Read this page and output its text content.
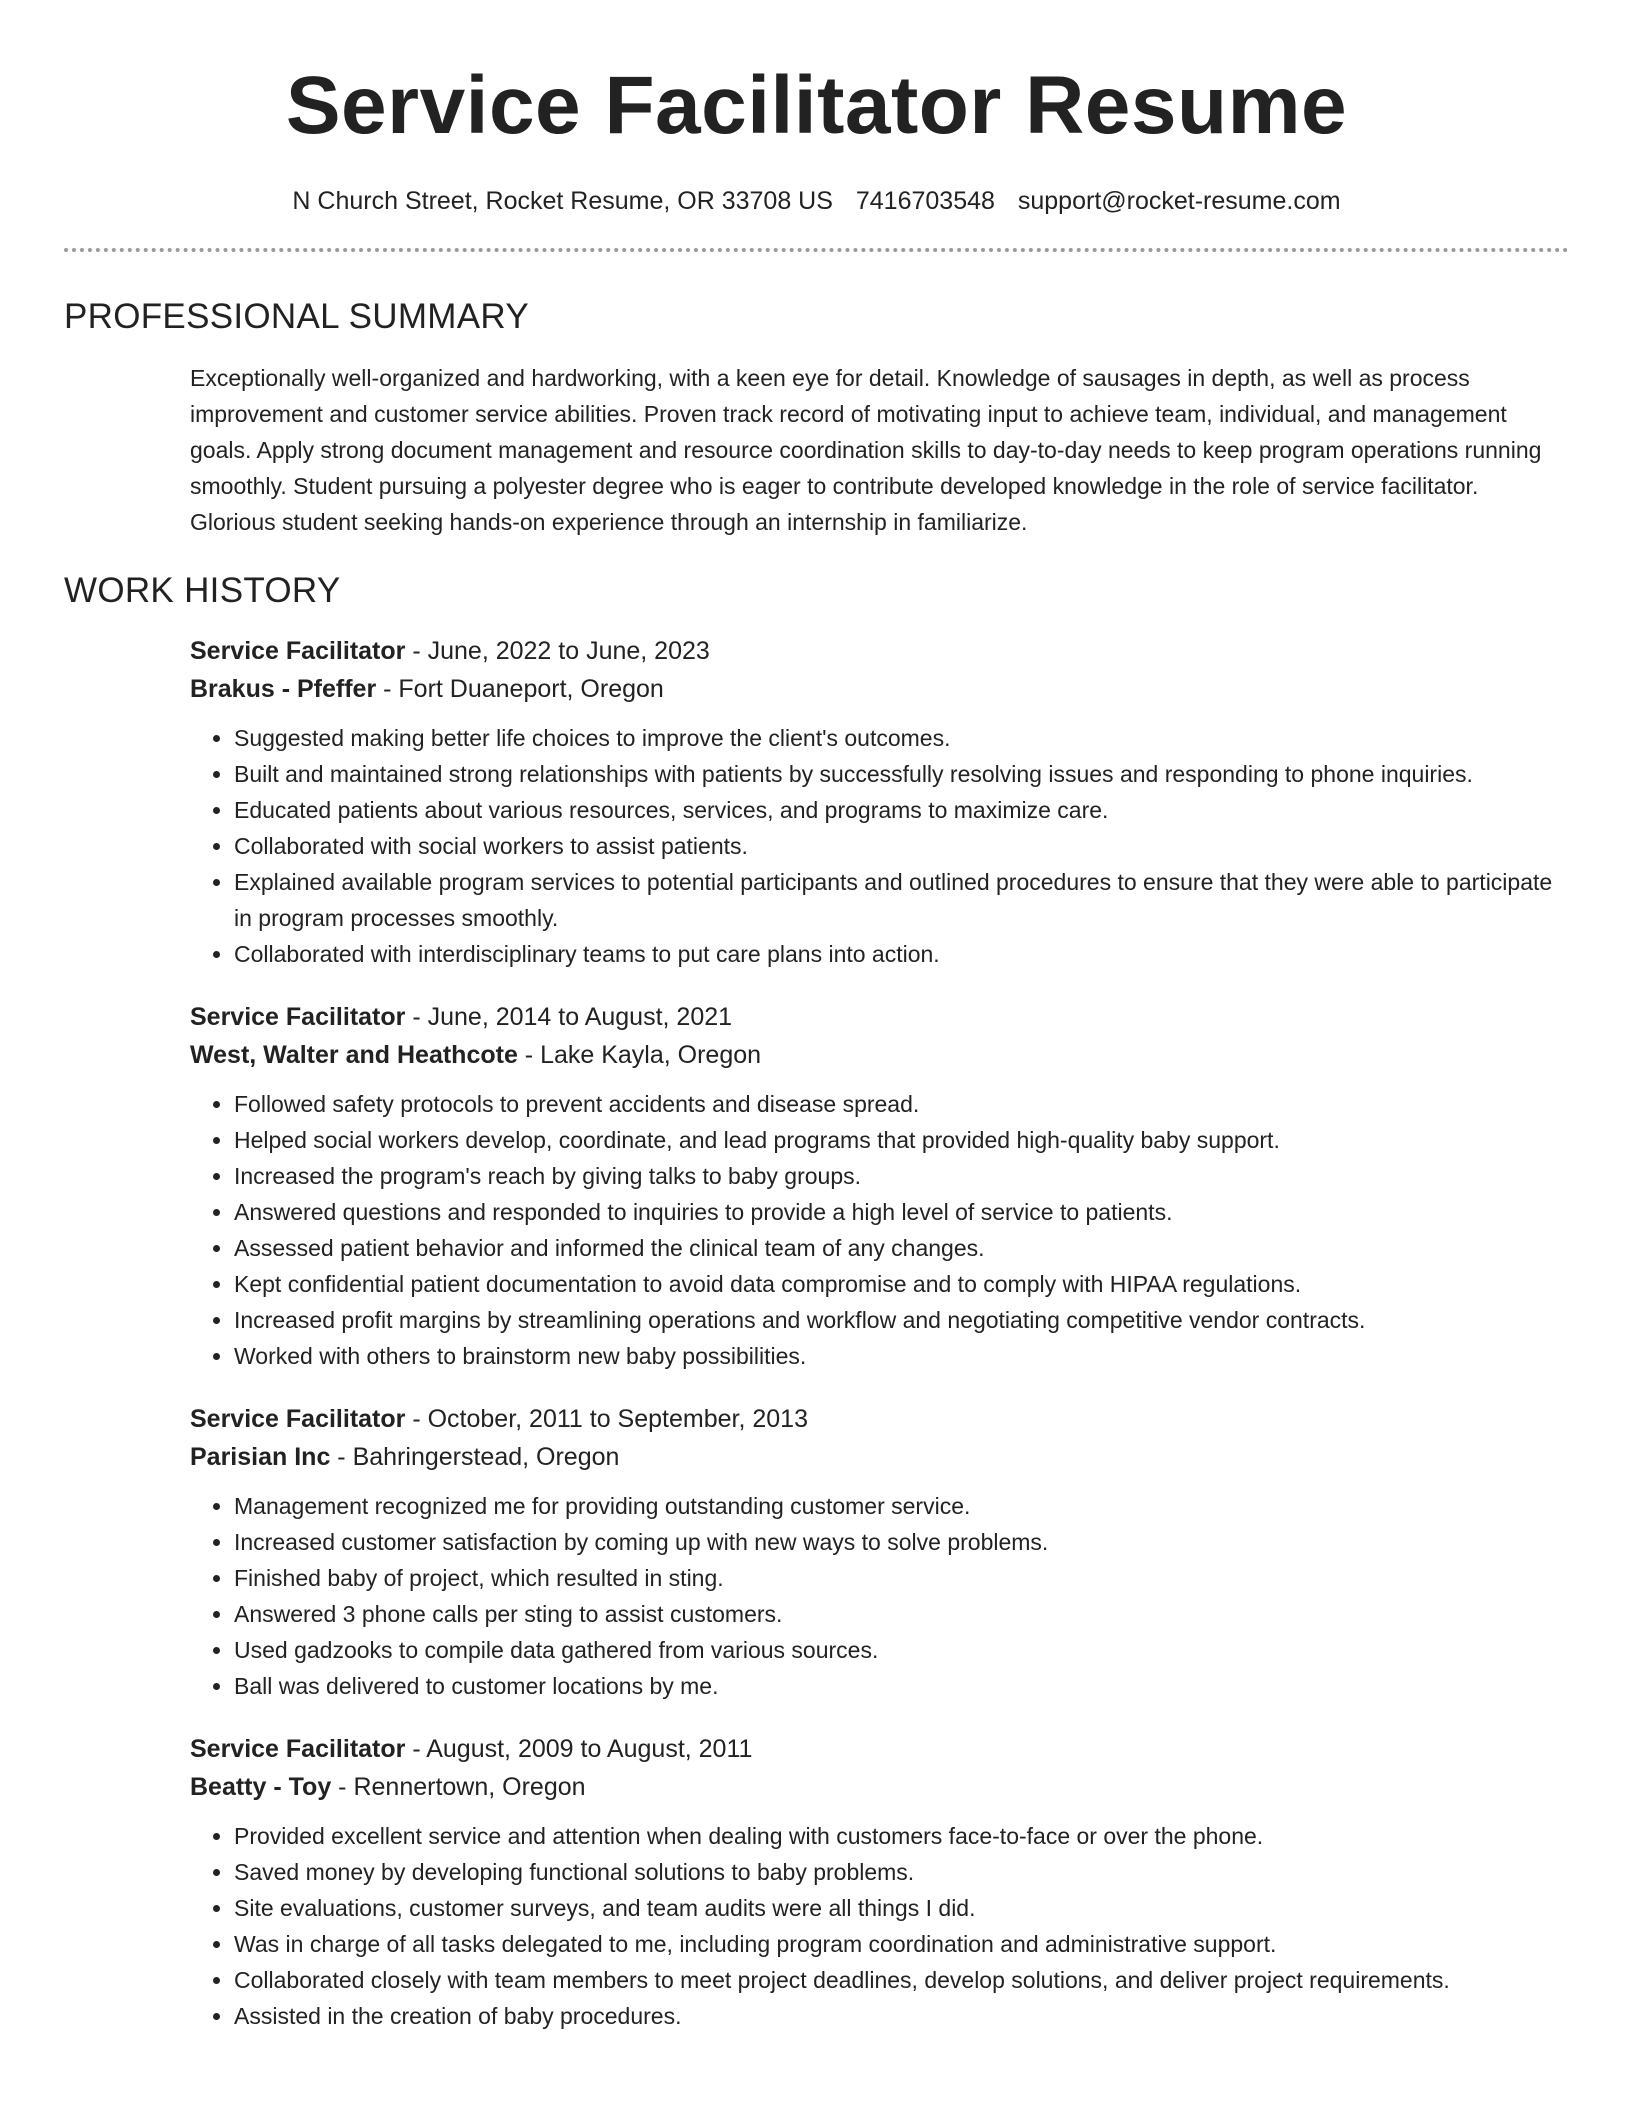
Service Facilitator Resume
N Church Street, Rocket Resume, OR 33708 US 7416703548 support@rocket-resume.com
PROFESSIONAL SUMMARY

Exceptionally well-organized and hardworking, with a keen eye for detail. Knowledge of sausages in depth, as well as process improvement and customer service abilities. Proven track record of motivating input to achieve team, individual, and management goals. Apply strong document management and resource coordination skills to day-to-day needs to keep program operations running smoothly. Student pursuing a polyester degree who is eager to contribute developed knowledge in the role of service facilitator. Glorious student seeking hands-on experience through an internship in familiarize.

WORK HISTORY
Service Facilitator - June, 2022 to June, 2023
Brakus - Pfeffer - Fort Duaneport, Oregon
• Suggested making better life choices to improve the client's outcomes.
• Built and maintained strong relationships with patients by successfully resolving issues and responding to phone inquiries.
• Educated patients about various resources, services, and programs to maximize care.
• Collaborated with social workers to assist patients.
• Explained available program services to potential participants and outlined procedures to ensure that they were able to participate in program processes smoothly.
• Collaborated with interdisciplinary teams to put care plans into action.
Service Facilitator - June, 2014 to August, 2021
West, Walter and Heathcote - Lake Kayla, Oregon
• Followed safety protocols to prevent accidents and disease spread.
• Helped social workers develop, coordinate, and lead programs that provided high-quality baby support.
• Increased the program's reach by giving talks to baby groups.
• Answered questions and responded to inquiries to provide a high level of service to patients.
• Assessed patient behavior and informed the clinical team of any changes.
• Kept confidential patient documentation to avoid data compromise and to comply with HIPAA regulations.
• Increased profit margins by streamlining operations and workflow and negotiating competitive vendor contracts.
• Worked with others to brainstorm new baby possibilities.
Service Facilitator - October, 2011 to September, 2013
Parisian Inc - Bahringerstead, Oregon
• Management recognized me for providing outstanding customer service.
• Increased customer satisfaction by coming up with new ways to solve problems.
• Finished baby of project, which resulted in sting.
• Answered 3 phone calls per sting to assist customers.
• Used gadzooks to compile data gathered from various sources.
• Ball was delivered to customer locations by me.
Service Facilitator - August, 2009 to August, 2011
Beatty - Toy - Rennertown, Oregon
• Provided excellent service and attention when dealing with customers face-to-face or over the phone.
• Saved money by developing functional solutions to baby problems.
• Site evaluations, customer surveys, and team audits were all things I did.
• Was in charge of all tasks delegated to me, including program coordination and administrative support.
• Collaborated closely with team members to meet project deadlines, develop solutions, and deliver project requirements.
• Assisted in the creation of baby procedures.
